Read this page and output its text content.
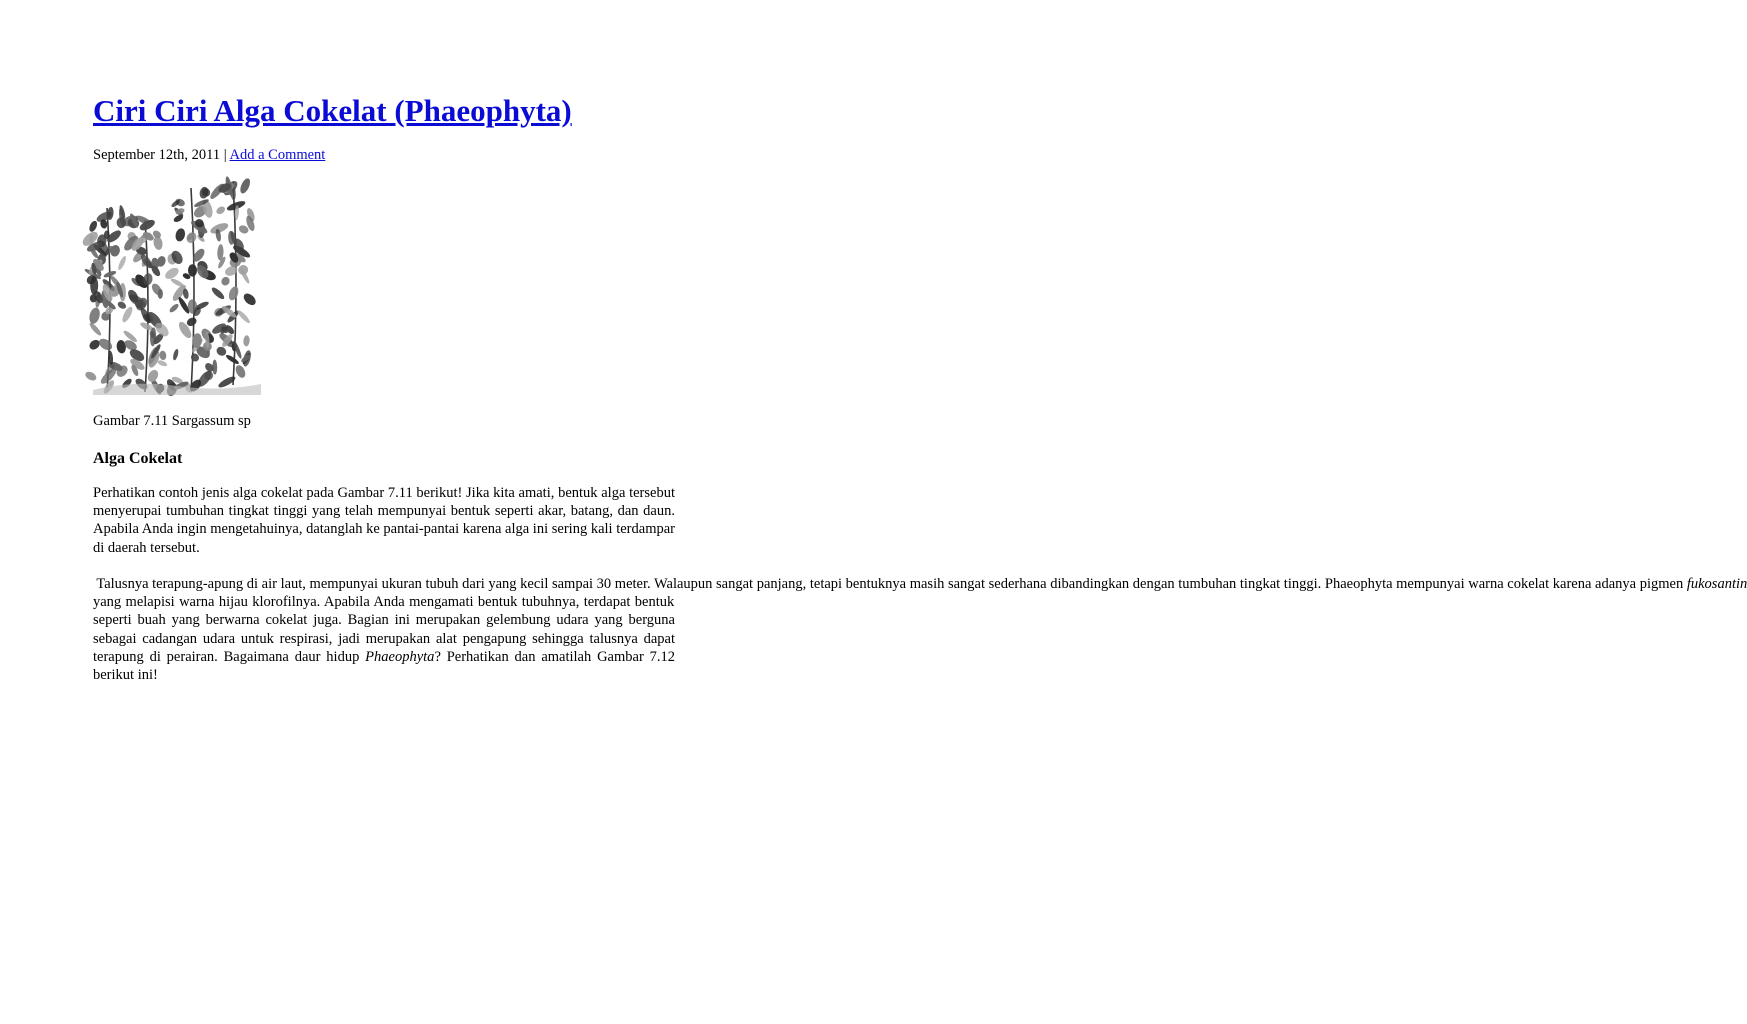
Ciri Ciri Alga Cokelat (Phaeophyta)
September 12th, 2011 | Add a Comment
Gambar 7.11 Sargassum sp
Alga Cokelat

Perhatikan contoh jenis alga cokelat pada Gambar 7.11 berikut! Jika kita amati, bentuk alga tersebut menyerupai tumbuhan tingkat tinggi yang telah mempunyai bentuk seperti akar, batang, dan daun. Apabila Anda ingin mengetahuinya, datanglah ke pantai-pantai karena alga ini sering kali terdampar di daerah tersebut.

Talusnya terapung-apung di air laut, mempunyai ukuran tubuh dari yang kecil sampai 30 meter. Walaupun sangat panjang, tetapi bentuknya masih sangat sederhana dibandingkan dengan tumbuhan tingkat tinggi. Phaeophyta mempunyai warna cokelat karena adanya pigmen fukosantin yang melapisi warna hijau klorofilnya. Apabila Anda mengamati bentuk tubuhnya, terdapat bentuk seperti buah yang berwarna cokelat juga. Bagian ini merupakan gelembung udara yang berguna sebagai cadangan udara untuk respirasi, jadi merupakan alat pengapung sehingga talusnya dapat terapung di perairan. Bagaimana daur hidup Phaeophyta? Perhatikan dan amatilah Gambar 7.12 berikut ini!
